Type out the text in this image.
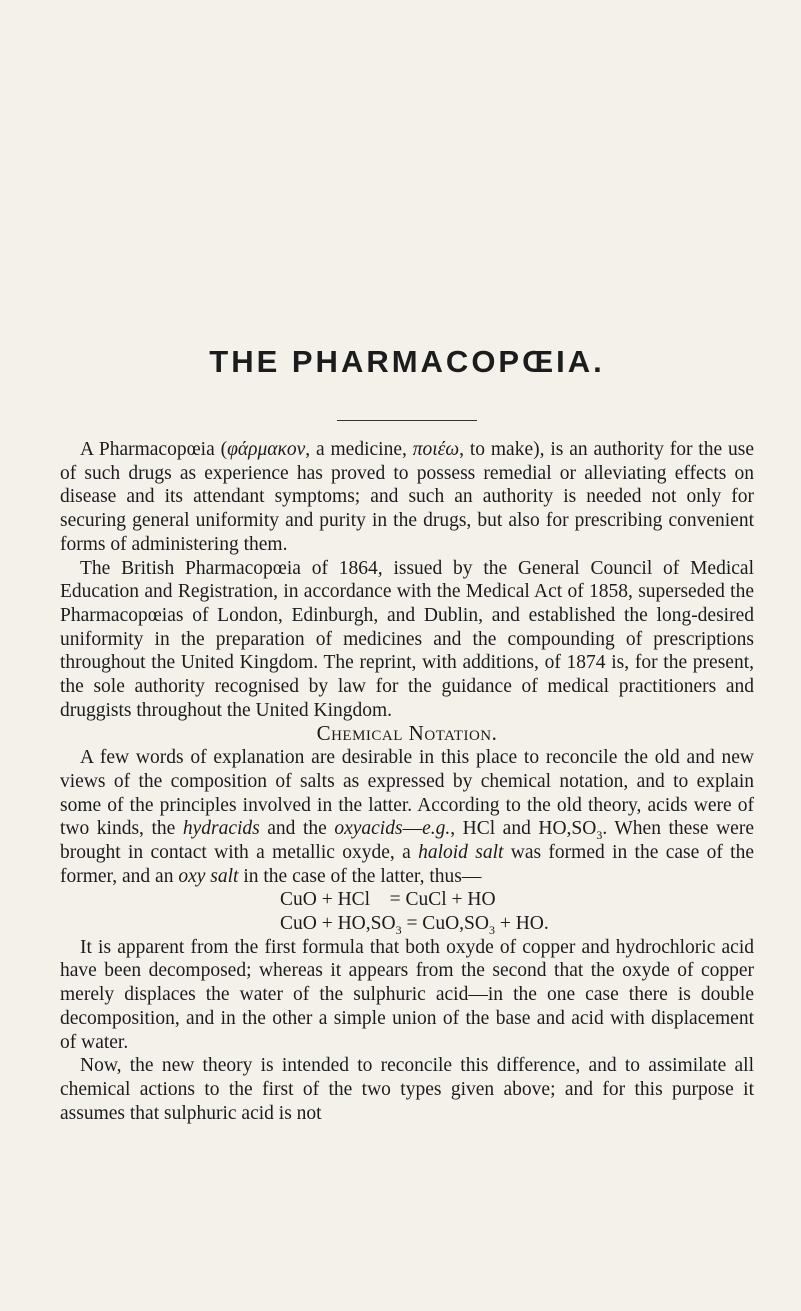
THE PHARMACOPŒIA.

A Pharmacopœia (φάρμακον, a medicine, ποιέω, to make), is an authority for the use of such drugs as experience has proved to possess remedial or alleviating effects on disease and its attendant symptoms; and such an authority is needed not only for securing general uniformity and purity in the drugs, but also for prescribing convenient forms of administering them.

The British Pharmacopœia of 1864, issued by the General Council of Medical Education and Registration, in accordance with the Medical Act of 1858, superseded the Pharmacopœias of London, Edinburgh, and Dublin, and established the long-desired uniformity in the preparation of medicines and the compounding of prescriptions throughout the United Kingdom. The reprint, with additions, of 1874 is, for the present, the sole authority recognised by law for the guidance of medical practitioners and druggists throughout the United Kingdom.

Chemical Notation.

A few words of explanation are desirable in this place to reconcile the old and new views of the composition of salts as expressed by chemical notation, and to explain some of the principles involved in the latter. According to the old theory, acids were of two kinds, the hydracids and the oxyacids—e.g., HCl and $HO,SO_3$. When these were brought in contact with a metallic oxyde, a haloid salt was formed in the case of the former, and an oxy salt in the case of the latter, thus—

CuO + HCl    = CuCl + HO

CuO + $HO,SO_3 = CuO,SO_3$ + HO.

It is apparent from the first formula that both oxyde of copper and hydrochloric acid have been decomposed; whereas it appears from the second that the oxyde of copper merely displaces the water of the sulphuric acid—in the one case there is double decomposition, and in the other a simple union of the base and acid with displacement of water.

Now, the new theory is intended to reconcile this difference, and to assimilate all chemical actions to the first of the two types given above; and for this purpose it assumes that sulphuric acid is not
